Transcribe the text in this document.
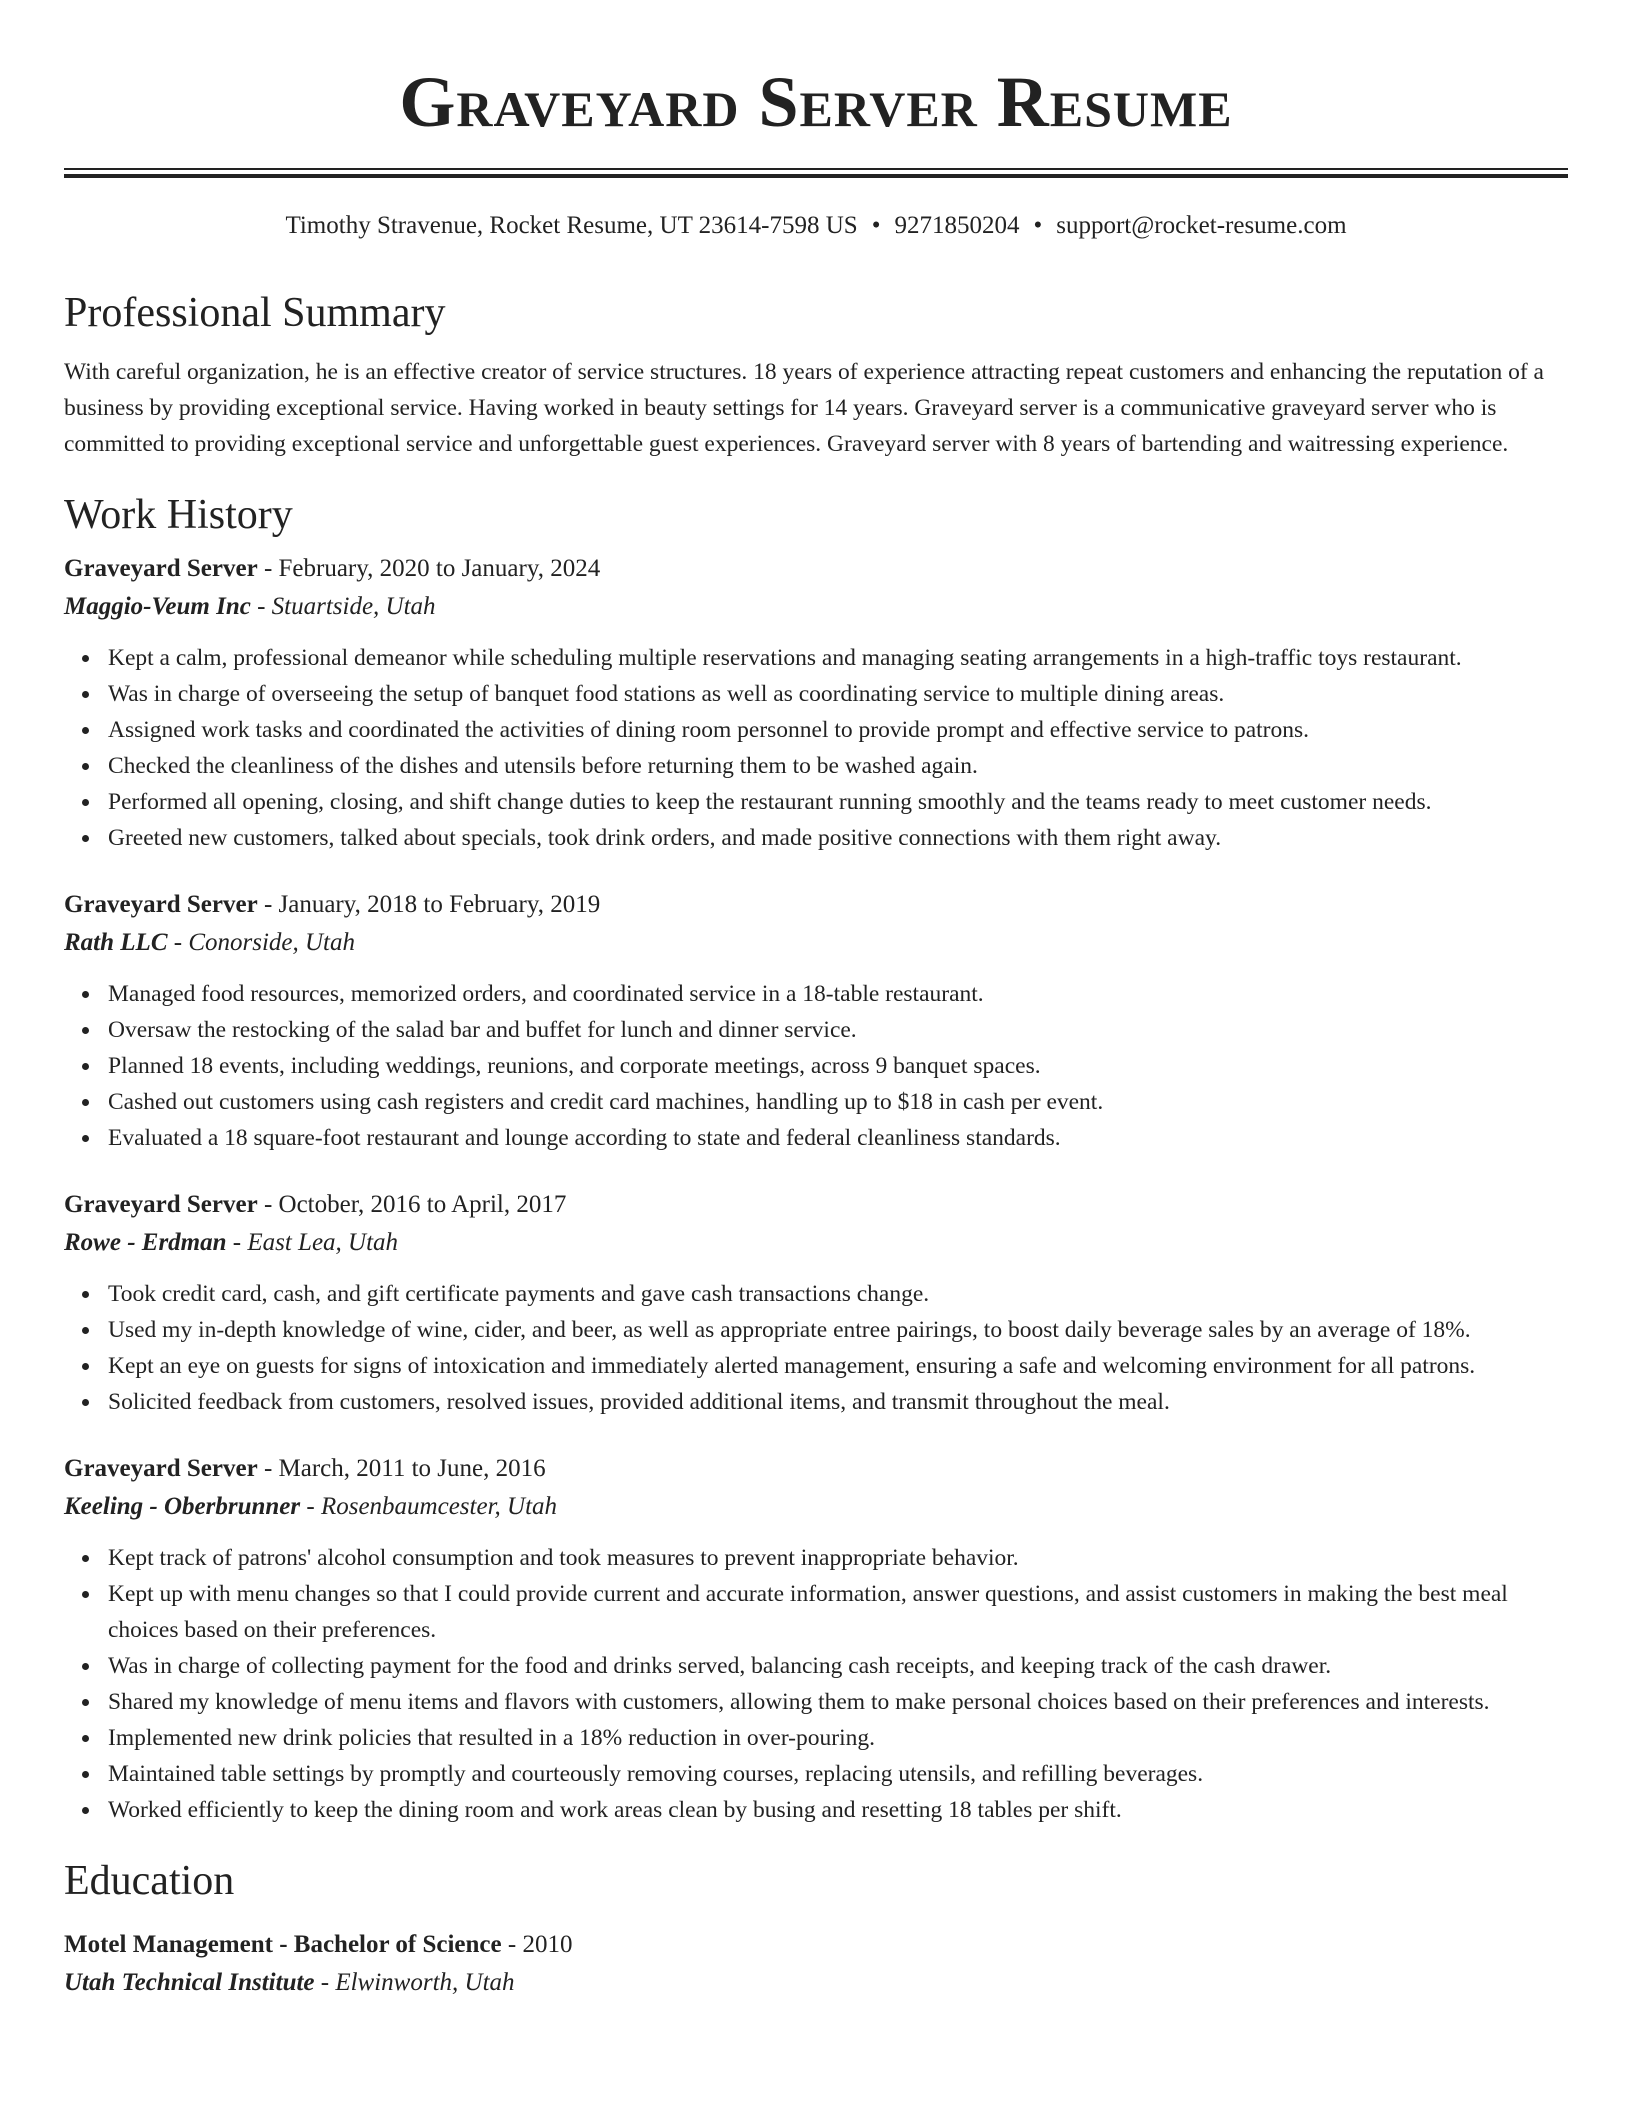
Graveyard Server Resume
Timothy Stravenue, Rocket Resume, UT 23614-7598 US • 9271850204 • support@rocket-resume.com
Professional Summary

With careful organization, he is an effective creator of service structures. 18 years of experience attracting repeat customers and enhancing the reputation of a business by providing exceptional service. Having worked in beauty settings for 14 years. Graveyard server is a communicative graveyard server who is committed to providing exceptional service and unforgettable guest experiences. Graveyard server with 8 years of bartending and waitressing experience.

Work History
Graveyard Server - February, 2020 to January, 2024
Maggio-Veum Inc - Stuartside, Utah
Kept a calm, professional demeanor while scheduling multiple reservations and managing seating arrangements in a high-traffic toys restaurant.
Was in charge of overseeing the setup of banquet food stations as well as coordinating service to multiple dining areas.
Assigned work tasks and coordinated the activities of dining room personnel to provide prompt and effective service to patrons.
Checked the cleanliness of the dishes and utensils before returning them to be washed again.
Performed all opening, closing, and shift change duties to keep the restaurant running smoothly and the teams ready to meet customer needs.
Greeted new customers, talked about specials, took drink orders, and made positive connections with them right away.
Graveyard Server - January, 2018 to February, 2019
Rath LLC - Conorside, Utah
Managed food resources, memorized orders, and coordinated service in a 18-table restaurant.
Oversaw the restocking of the salad bar and buffet for lunch and dinner service.
Planned 18 events, including weddings, reunions, and corporate meetings, across 9 banquet spaces.
Cashed out customers using cash registers and credit card machines, handling up to $18 in cash per event.
Evaluated a 18 square-foot restaurant and lounge according to state and federal cleanliness standards.
Graveyard Server - October, 2016 to April, 2017
Rowe - Erdman - East Lea, Utah
Took credit card, cash, and gift certificate payments and gave cash transactions change.
Used my in-depth knowledge of wine, cider, and beer, as well as appropriate entree pairings, to boost daily beverage sales by an average of 18%.
Kept an eye on guests for signs of intoxication and immediately alerted management, ensuring a safe and welcoming environment for all patrons.
Solicited feedback from customers, resolved issues, provided additional items, and transmit throughout the meal.
Graveyard Server - March, 2011 to June, 2016
Keeling - Oberbrunner - Rosenbaumcester, Utah
Kept track of patrons' alcohol consumption and took measures to prevent inappropriate behavior.
Kept up with menu changes so that I could provide current and accurate information, answer questions, and assist customers in making the best meal choices based on their preferences.
Was in charge of collecting payment for the food and drinks served, balancing cash receipts, and keeping track of the cash drawer.
Shared my knowledge of menu items and flavors with customers, allowing them to make personal choices based on their preferences and interests.
Implemented new drink policies that resulted in a 18% reduction in over-pouring.
Maintained table settings by promptly and courteously removing courses, replacing utensils, and refilling beverages.
Worked efficiently to keep the dining room and work areas clean by busing and resetting 18 tables per shift.
Education
Motel Management - Bachelor of Science - 2010
Utah Technical Institute - Elwinworth, Utah
